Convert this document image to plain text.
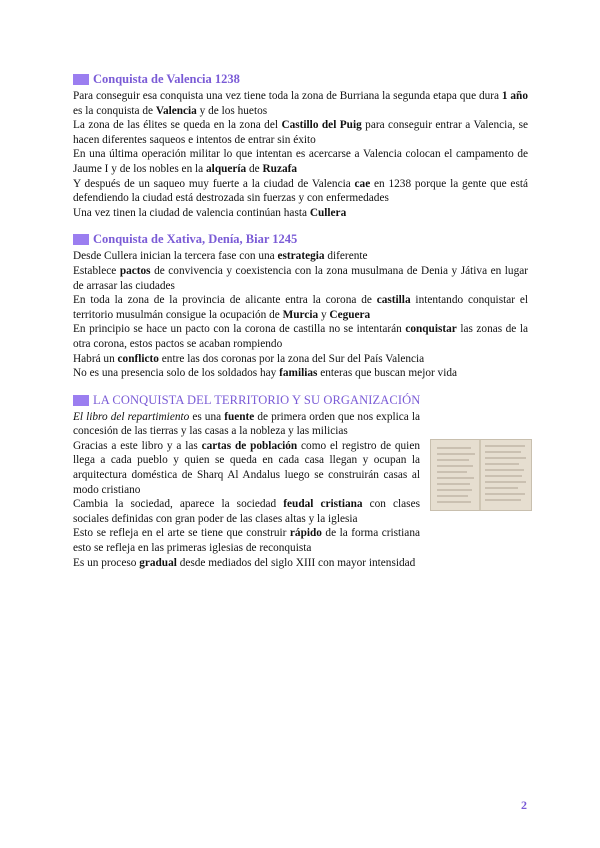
Conquista de Valencia 1238

Para conseguir esa conquista una vez tiene toda la zona de Burriana la segunda etapa que dura 1 año es la conquista de Valencia y de los huetos

La zona de las élites se queda en la zona del Castillo del Puig para conseguir entrar a Valencia, se hacen diferentes saqueos e intentos de entrar sin éxito

En una última operación militar lo que intentan es acercarse a Valencia colocan el campamento de Jaume I y de los nobles en la alquería de Ruzafa

Y después de un saqueo muy fuerte a la ciudad de Valencia cae en 1238 porque la gente que está defendiendo la ciudad está destrozada sin fuerzas y con enfermedades

Una vez tinen la ciudad de valencia continúan hasta Cullera

Conquista de Xativa, Denía, Biar 1245

Desde Cullera inician la tercera fase con una estrategia diferente

Establece pactos de convivencia y coexistencia con la zona musulmana de Denia y Játiva en lugar de arrasar las ciudades

En toda la zona de la provincia de alicante entra la corona de castilla intentando conquistar el territorio musulmán consigue la ocupación de Murcia y Ceguera

En principio se hace un pacto con la corona de castilla no se intentarán conquistar las zonas de la otra corona, estos pactos se acaban rompiendo

Habrá un conflicto entre las dos coronas por la zona del Sur del País Valencia

No es una presencia solo de los soldados hay familias enteras que buscan mejor vida

LA CONQUISTA DEL TERRITORIO Y SU ORGANIZACIÓN

El libro del repartimiento es una fuente de primera orden que nos explica la concesión de las tierras y las casas a la nobleza y las milicias

Gracias a este libro y a las cartas de población como el registro de quien llega a cada pueblo y quien se queda en cada casa llegan y ocupan la arquitectura doméstica de Sharq Al Andalus luego se construirán casas al modo cristiano

Cambia la sociedad, aparece la sociedad feudal cristiana con clases sociales definidas con gran poder de las clases altas y la iglesia

Esto se refleja en el arte se tiene que construir rápido de la forma cristiana esto se refleja en las primeras iglesias de reconquista

Es un proceso gradual desde mediados del siglo XIII con mayor intensidad

2
